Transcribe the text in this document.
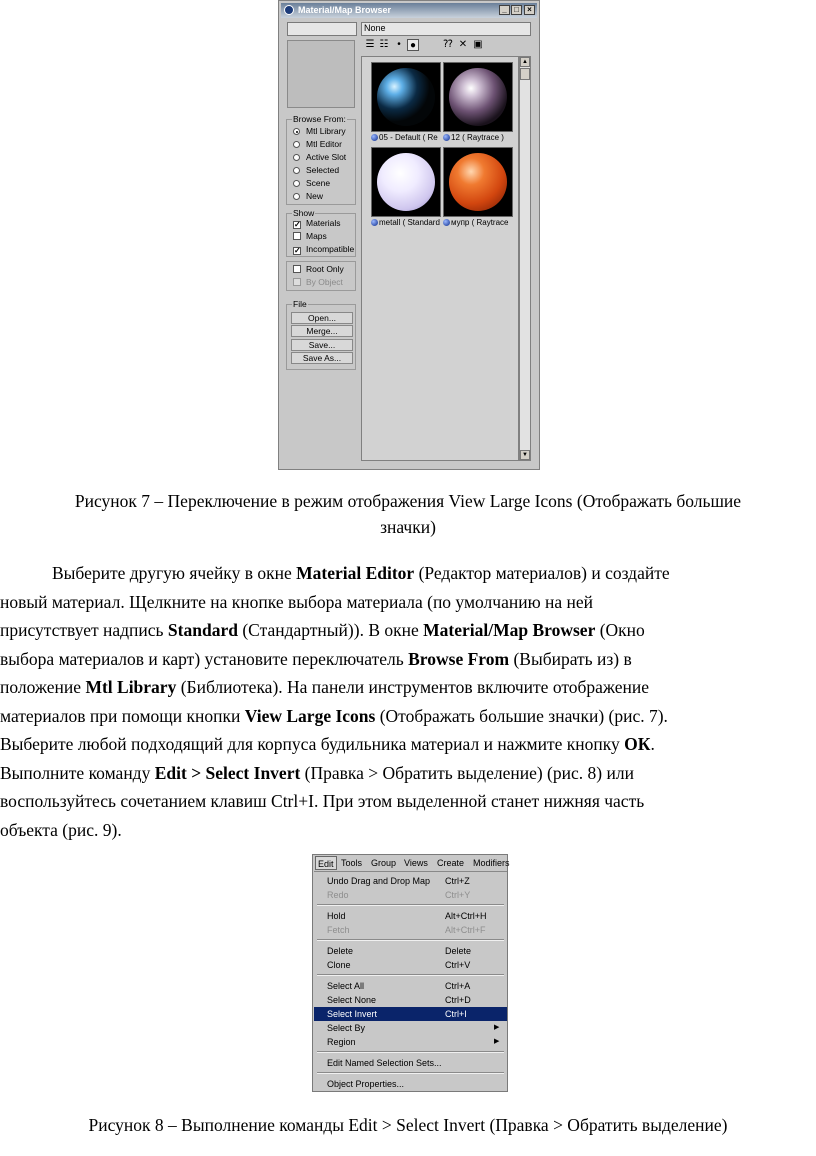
Material/Map Browser	_ □	×
None
☰ ☷ • ●	⁇ ✕ ▣
Browse From:
Mtl Library
Mtl Editor
Active Slot
Selected
Scene
New
Show
✓ Materials
Maps
✓ Incompatible
Root Only
By Object
File
Open...
Merge...
Save...
Save As...
05 - Default ( Re	12 ( Raytrace )
metall ( Standard	мупр ( Raytrace
▲
▼
Рисунок 7 – Переключение в режим отображения View Large Icons (Отображать большие
значки)

Выберите другую ячейку в окне Material Editor (Редактор материалов) и создайте

новый материал. Щелкните на кнопке выбора материала (по умолчанию на ней

присутствует надпись Standard (Стандартный)). В окне Material/Map Browser (Окно

выбора материалов и карт) установите переключатель Browse From (Выбирать из) в

положение Mtl Library (Библиотека). На панели инструментов включите отображение

материалов при помощи кнопки View Large Icons (Отображать большие значки) (рис. 7).

Выберите любой подходящий для корпуса будильника материал и нажмите кнопку ОК.

Выполните команду Edit > Select Invert (Правка > Обратить выделение) (рис. 8) или

воспользуйтесь сочетанием клавиш Ctrl+I. При этом выделенной станет нижняя часть

объекта (рис. 9).

Edit Tools Group Views Create Modifiers
Undo Drag and Drop Map Ctrl+Z
Redo	Ctrl+Y
Hold	Alt+Ctrl+H
Fetch	Alt+Ctrl+F
Delete	Delete
Clone	Ctrl+V
Select All	Ctrl+A
Select None	Ctrl+D
Select Invert	Ctrl+I
Select By	▶
Region	▶
Edit Named Selection Sets...
Object Properties...
Рисунок 8 – Выполнение команды Edit > Select Invert (Правка > Обратить выделение)
